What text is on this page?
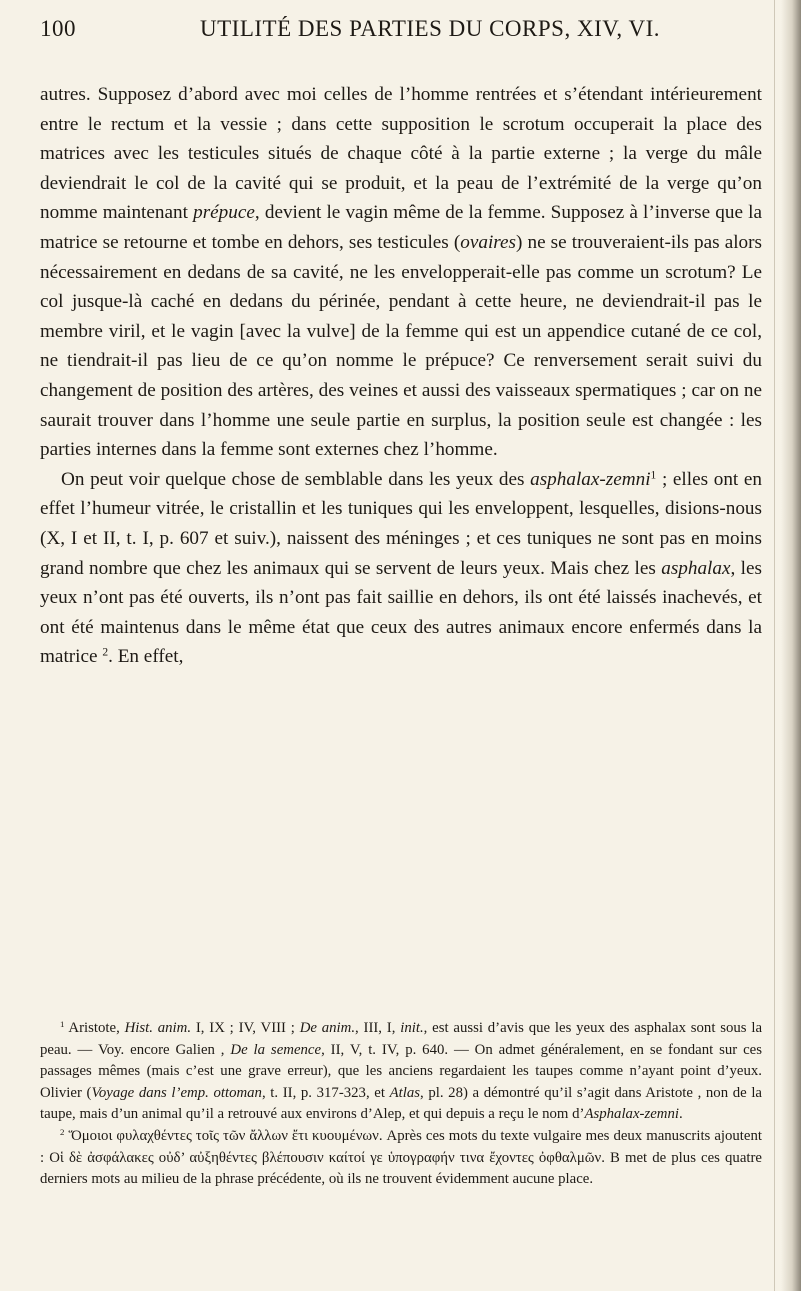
100	UTILITÉ DES PARTIES DU CORPS, XIV, VI.

autres. Supposez d’abord avec moi celles de l’homme rentrées et s’étendant intérieurement entre le rectum et la vessie ; dans cette supposition le scrotum occuperait la place des matrices avec les testicules situés de chaque côté à la partie externe ; la verge du mâle deviendrait le col de la cavité qui se produit, et la peau de l’extrémité de la verge qu’on nomme maintenant prépuce, devient le vagin même de la femme. Supposez à l’inverse que la matrice se retourne et tombe en dehors, ses testicules (ovaires) ne se trouveraient-ils pas alors nécessairement en dedans de sa cavité, ne les envelopperait-elle pas comme un scrotum? Le col jusque-là caché en dedans du périnée, pendant à cette heure, ne deviendrait-il pas le membre viril, et le vagin [avec la vulve] de la femme qui est un appendice cutané de ce col, ne tiendrait-il pas lieu de ce qu’on nomme le prépuce? Ce renversement serait suivi du changement de position des artères, des veines et aussi des vaisseaux spermatiques ; car on ne saurait trouver dans l’homme une seule partie en surplus, la position seule est changée : les parties internes dans la femme sont externes chez l’homme.

On peut voir quelque chose de semblable dans les yeux des asphalax-zemni$^1$ ; elles ont en effet l’humeur vitrée, le cristallin et les tuniques qui les enveloppent, lesquelles, disions-nous (X, I et II, t. I, p. 607 et suiv.), naissent des méninges ; et ces tuniques ne sont pas en moins grand nombre que chez les animaux qui se servent de leurs yeux. Mais chez les asphalax, les yeux n’ont pas été ouverts, ils n’ont pas fait saillie en dehors, ils ont été laissés inachevés, et ont été maintenus dans le même état que ceux des autres animaux encore enfermés dans la matrice $^2$. En effet,

$^1$ Aristote, Hist. anim. I, IX ; IV, VIII ; De anim., III, I, init., est aussi d’avis que les yeux des asphalax sont sous la peau. — Voy. encore Galien , De la semence, II, V, t. IV, p. 640. — On admet généralement, en se fondant sur ces passages mêmes (mais c’est une grave erreur), que les anciens regardaient les taupes comme n’ayant point d’yeux. Olivier (Voyage dans l’emp. ottoman, t. II, p. 317-323, et Atlas, pl. 28) a démontré qu’il s’agit dans Aristote , non de la taupe, mais d’un animal qu’il a retrouvé aux environs d’Alep, et qui depuis a reçu le nom d’Asphalax-zemni.

$^2$ Ὅμοιοι φυλαχθέντες τοῖς τῶν ἄλλων ἔτι κυουμένων. Après ces mots du texte vulgaire mes deux manuscrits ajoutent : Οἱ δὲ ἀσφάλακες οὐδ’ αὐξηθέντες βλέπουσιν καίτοί γε ὑπογραφήν τινα ἔχοντες ὀφθαλμῶν. B met de plus ces quatre derniers mots au milieu de la phrase précédente, où ils ne trouvent évidemment aucune place.
